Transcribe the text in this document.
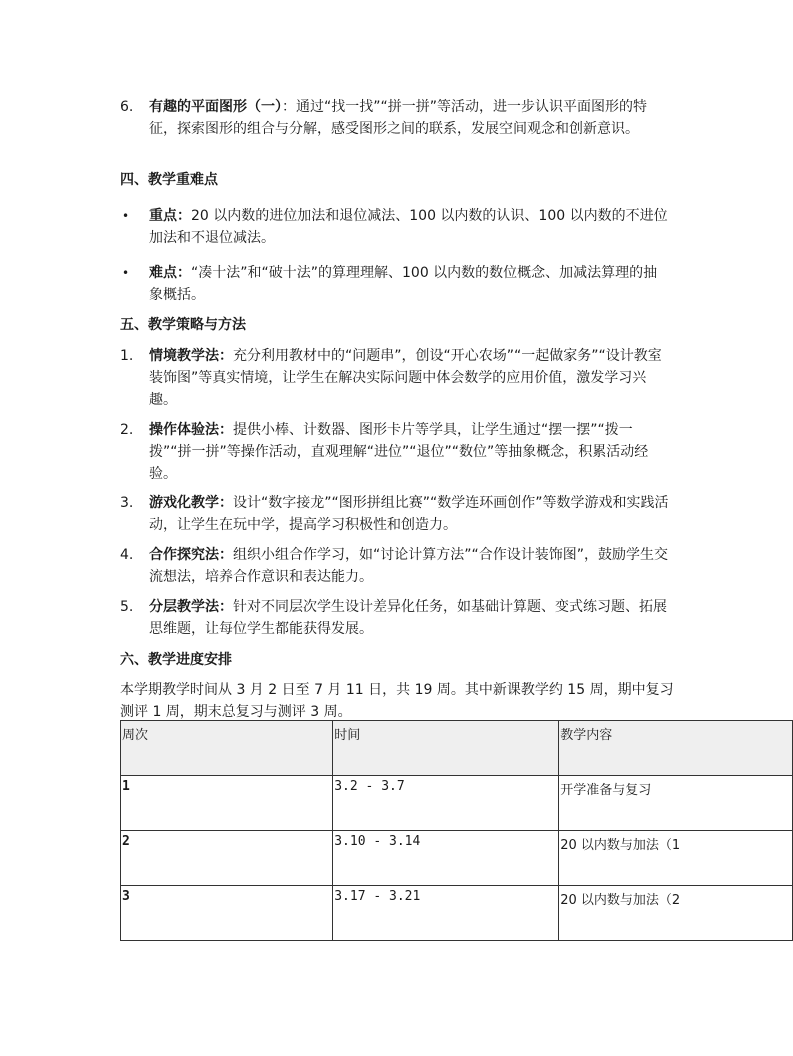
6.	有趣的平面图形（一）：通过“找一找”“拼一拼”等活动，进一步认识平面图形的特征，探索图形的组合与分解，感受图形之间的联系，发展空间观念和创新意识。
四、教学重难点
• 重点：20 以内数的进位加法和退位减法、100 以内数的认识、100 以内数的不进位加法和不退位减法。
• 难点：“凑十法”和“破十法”的算理理解、100 以内数的数位概念、加减法算理的抽象概括。
五、教学策略与方法
1.	情境教学法：充分利用教材中的“问题串”，创设“开心农场”“一起做家务”“设计教室装饰图”等真实情境，让学生在解决实际问题中体会数学的应用价值，激发学习兴趣。
2.	操作体验法：提供小棒、计数器、图形卡片等学具，让学生通过“摆一摆”“拨一拨”“拼一拼”等操作活动，直观理解“进位”“退位”“数位”等抽象概念，积累活动经验。
3.	游戏化教学：设计“数字接龙”“图形拼组比赛”“数学连环画创作”等数学游戏和实践活动，让学生在玩中学，提高学习积极性和创造力。
4.	合作探究法：组织小组合作学习，如“讨论计算方法”“合作设计装饰图”，鼓励学生交流想法，培养合作意识和表达能力。
5.	分层教学法：针对不同层次学生设计差异化任务，如基础计算题、变式练习题、拓展思维题，让每位学生都能获得发展。
六、教学进度安排
本学期教学时间从 3 月 2 日至 7 月 11 日，共 19 周。其中新课教学约 15 周，期中复习测评 1 周，期末总复习与测评 3 周。
周次	时间	教学内容
1	3.2 - 3.7	开学准备与复习
2	3.10 - 3.14	20 以内数与加法（1
3	3.17 - 3.21	20 以内数与加法（2
